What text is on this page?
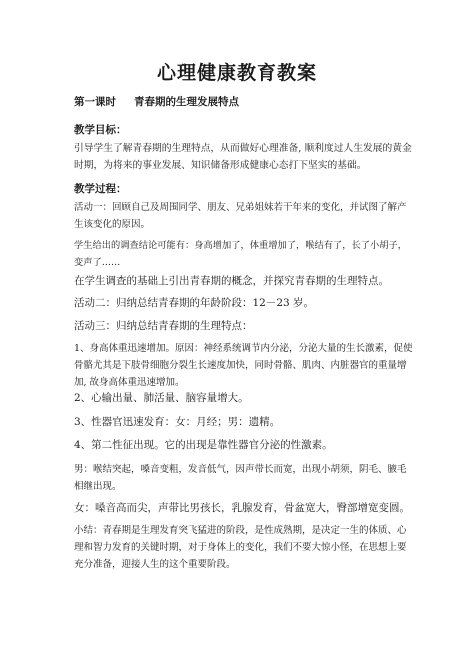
心理健康教育教案
第一课时 青春期的生理发展特点
教学目标：
引导学生了解青春期的生理特点，从而做好心理准备, 顺利度过人生发展的黄金
时期，为将来的事业发展、知识储备形成健康心态打下坚实的基础。
教学过程：
活动一：回顾自己及周围同学、朋友、兄弟姐妹若干年来的变化，并试图了解产
生该变化的原因。
学生给出的调查结论可能有：身高增加了，体重增加了，喉结有了，长了小胡子，
变声了……
在学生调查的基础上引出青春期的概念，并探究青春期的生理特点。
活动二：归纳总结青春期的年龄阶段：12－23 岁。
活动三：归纳总结青春期的生理特点：
1、身高体重迅速增加。原因：神经系统调节内分泌，分泌大量的生长激素，促使
骨骼尤其是下肢骨细胞分裂生长速度加快，同时骨骼、肌肉、内脏器官的重量增
加, 故身高体重迅速增加。
2、心输出量、肺活量、脑容量增大。
3、性器官迅速发育：女：月经；男：遗精。
4、第二性征出现。它的出现是靠性器官分泌的性激素。
男：喉结突起，嗓音变粗，发音低气，因声带长而宽，出现小胡须，阴毛、腋毛
相继出现。
女：嗓音高而尖，声带比男孩长，乳腺发育，骨盆宽大，臀部增宽变圆。
小结：青春期是生理发育突飞猛进的阶段，是性成熟期，是决定一生的体质、心
理和智力发育的关键时期，对于身体上的变化，我们不要大惊小怪，在思想上要
充分准备，迎接人生的这个重要阶段。
